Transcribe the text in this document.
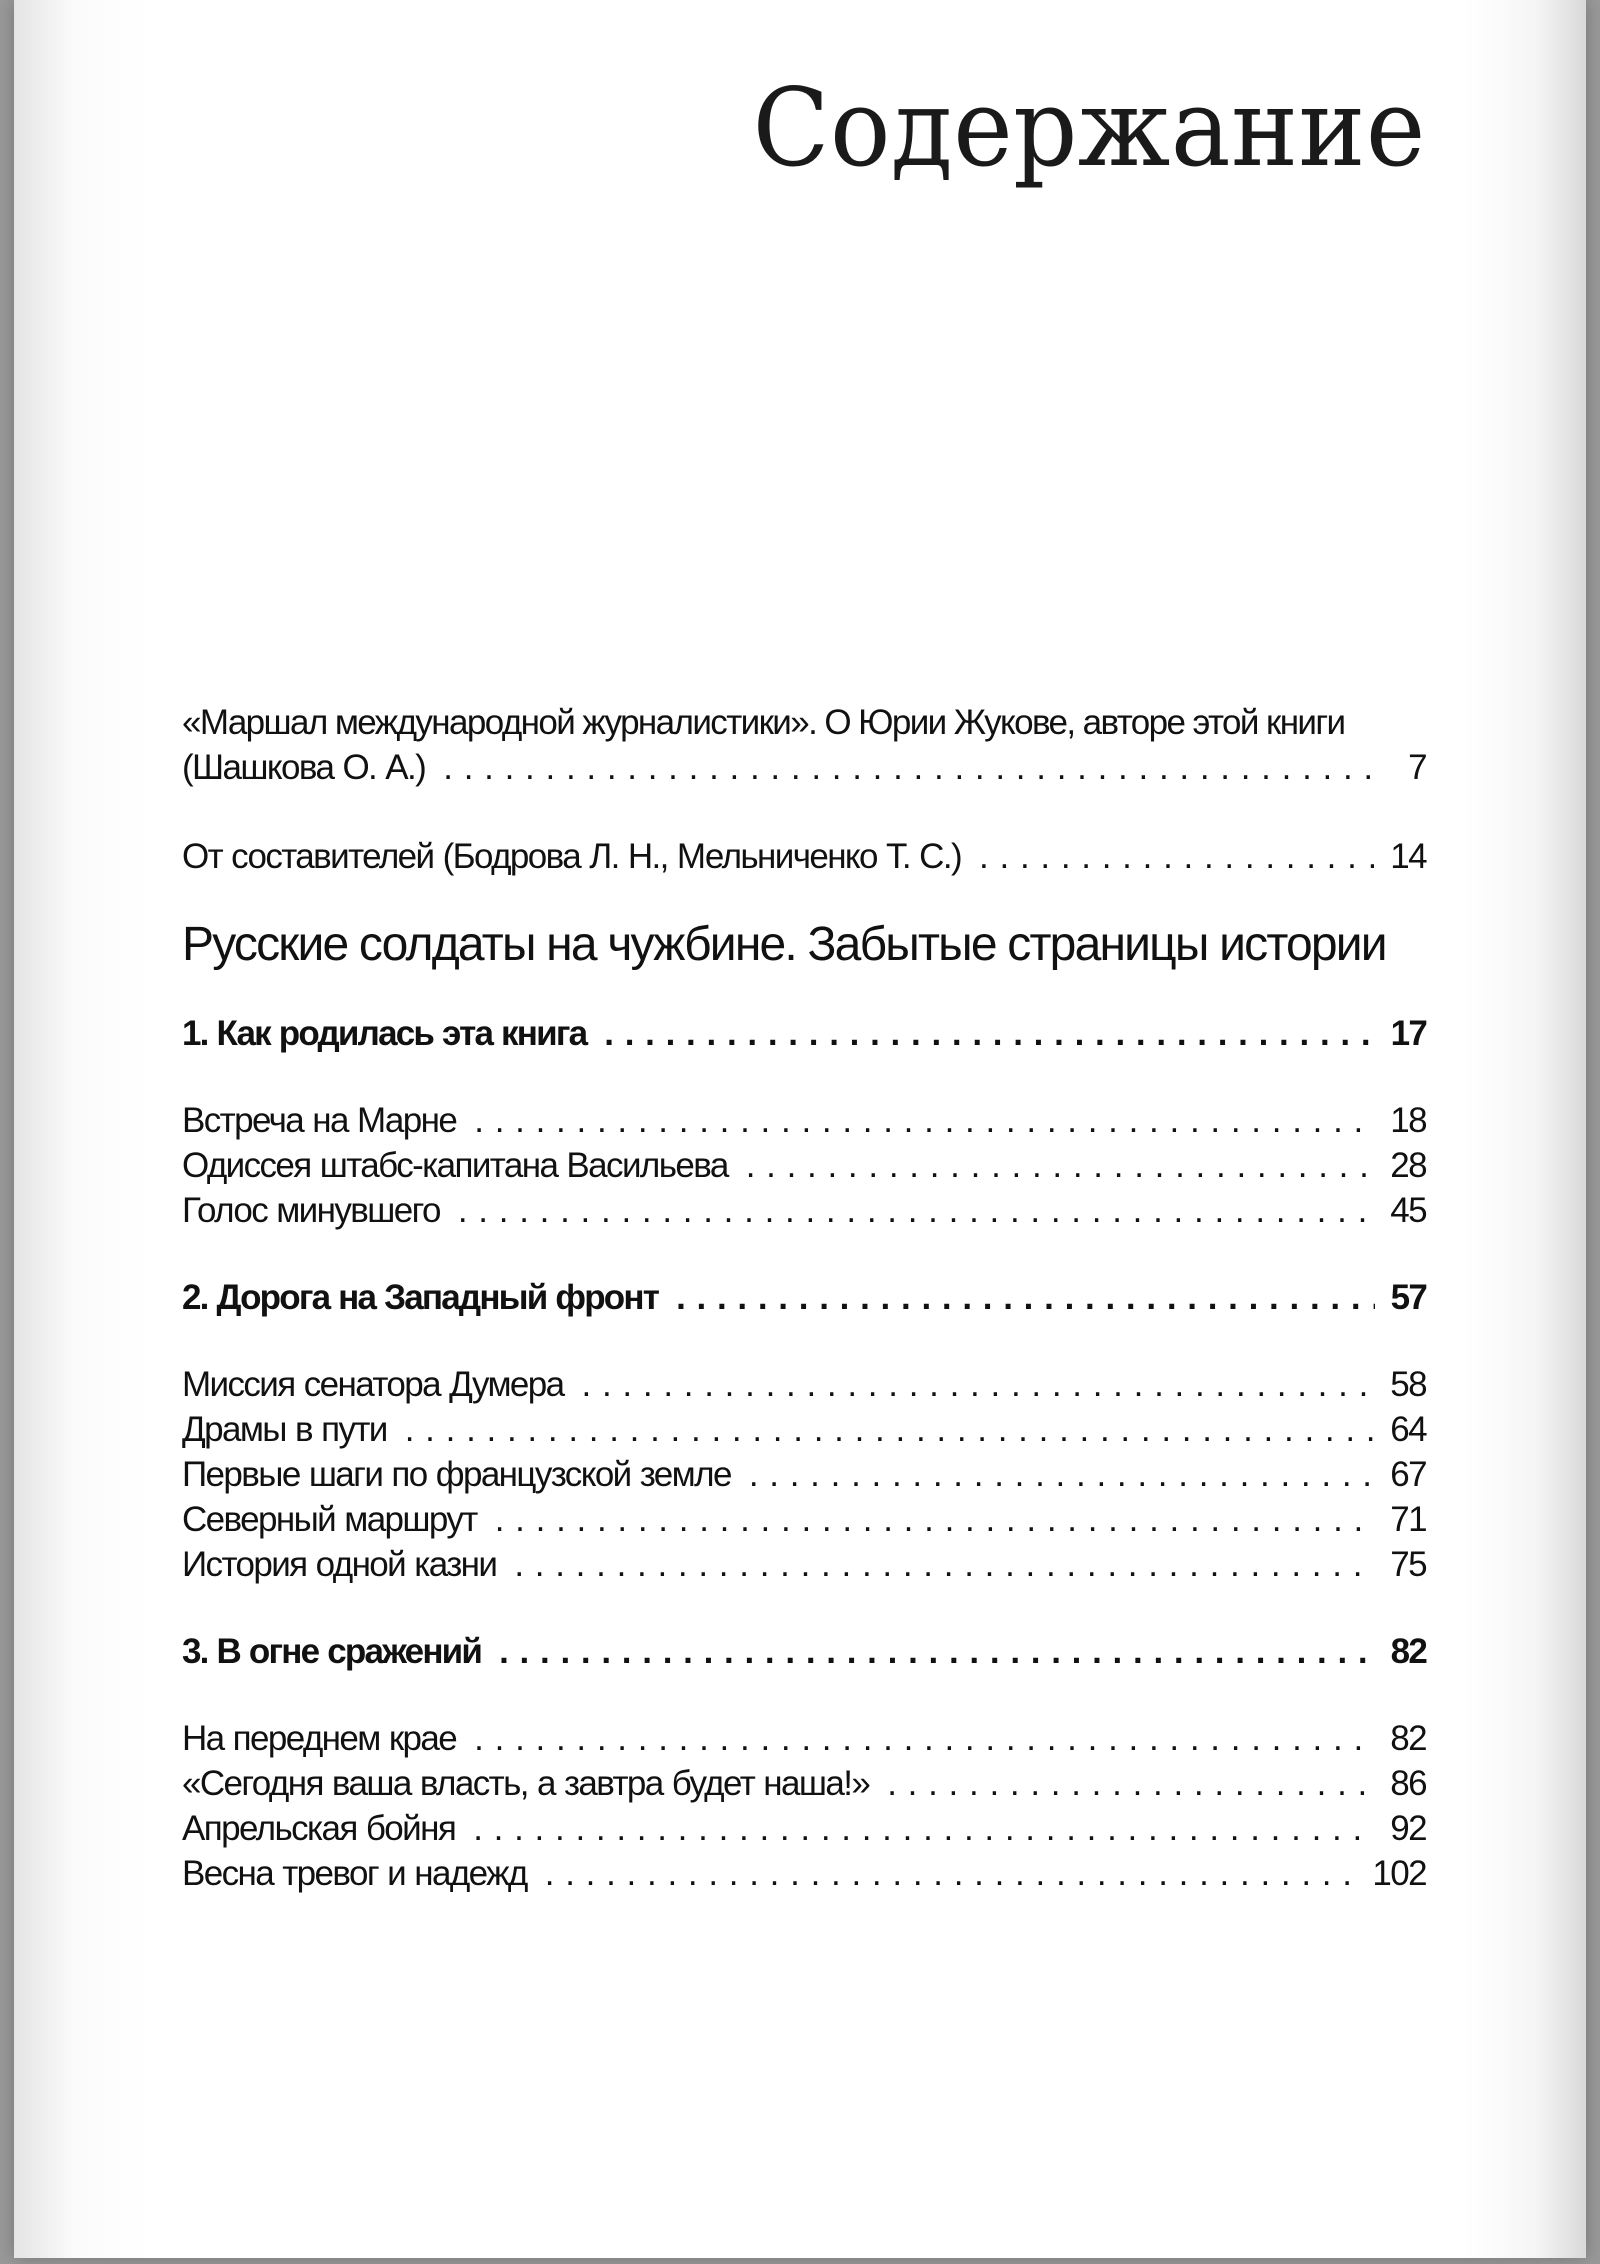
Содержание
«Маршал международной журналистики». О Юрии Жукове, авторе этой книги
(Шашкова О. А.) . . .	7
От составителей (Бодрова Л. Н., Мельниченко Т. С.) . . .	14
Русские солдаты на чужбине. Забытые страницы истории
1. Как родилась эта книга . . .	17
Встреча на Марне . . .	18
Одиссея штабс-капитана Васильева . . .	28
Голос минувшего . . .	45
2. Дорога на Западный фронт . . .	57
Миссия сенатора Думера . . .	58
Драмы в пути . . .	64
Первые шаги по французской земле . . .	67
Северный маршрут . . .	71
История одной казни . . .	75
3. В огне сражений . . .	82
На переднем крае . . .	82
«Сегодня ваша власть, а завтра будет наша!» . . .	86
Апрельская бойня . . .	92
Весна тревог и надежд . . .	102
